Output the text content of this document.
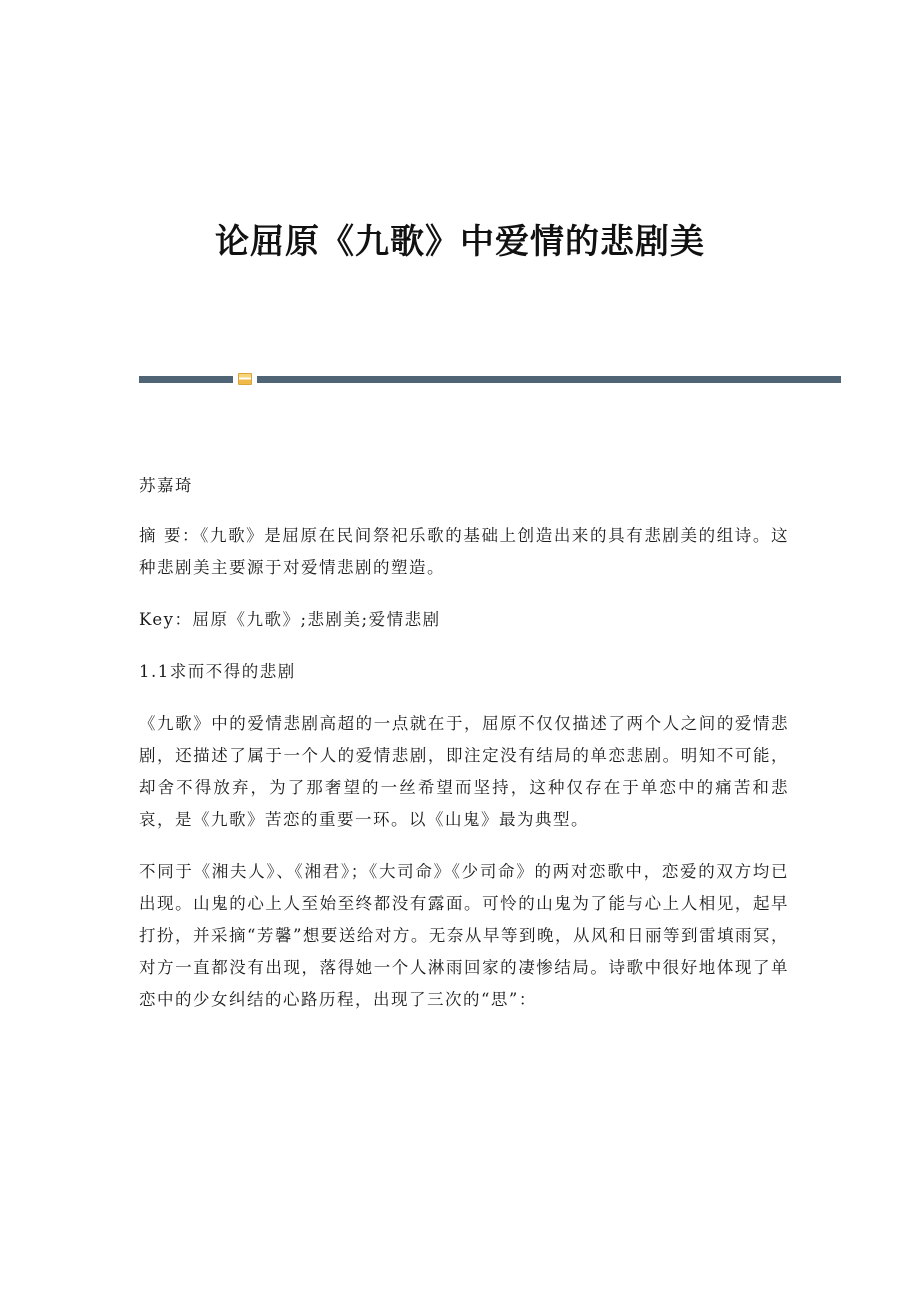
论屈原《九歌》中爱情的悲剧美

苏嘉琦

摘 要：《九歌》是屈原在民间祭祀乐歌的基础上创造出来的具有悲剧美的组诗。这种悲剧美主要源于对爱情悲剧的塑造。

Key：屈原《九歌》;悲剧美;爱情悲剧

1.1求而不得的悲剧

《九歌》中的爱情悲剧高超的一点就在于，屈原不仅仅描述了两个人之间的爱情悲剧，还描述了属于一个人的爱情悲剧，即注定没有结局的单恋悲剧。明知不可能，却舍不得放弃，为了那奢望的一丝希望而坚持，这种仅存在于单恋中的痛苦和悲哀，是《九歌》苦恋的重要一环。以《山鬼》最为典型。

不同于《湘夫人》、《湘君》；《大司命》《少司命》的两对恋歌中，恋爱的双方均已出现。山鬼的心上人至始至终都没有露面。可怜的山鬼为了能与心上人相见，起早打扮，并采摘“芳馨”想要送给对方。无奈从早等到晚，从风和日丽等到雷填雨冥，对方一直都没有出现，落得她一个人淋雨回家的凄惨结局。诗歌中很好地体现了单恋中的少女纠结的心路历程，出现了三次的“思”：
